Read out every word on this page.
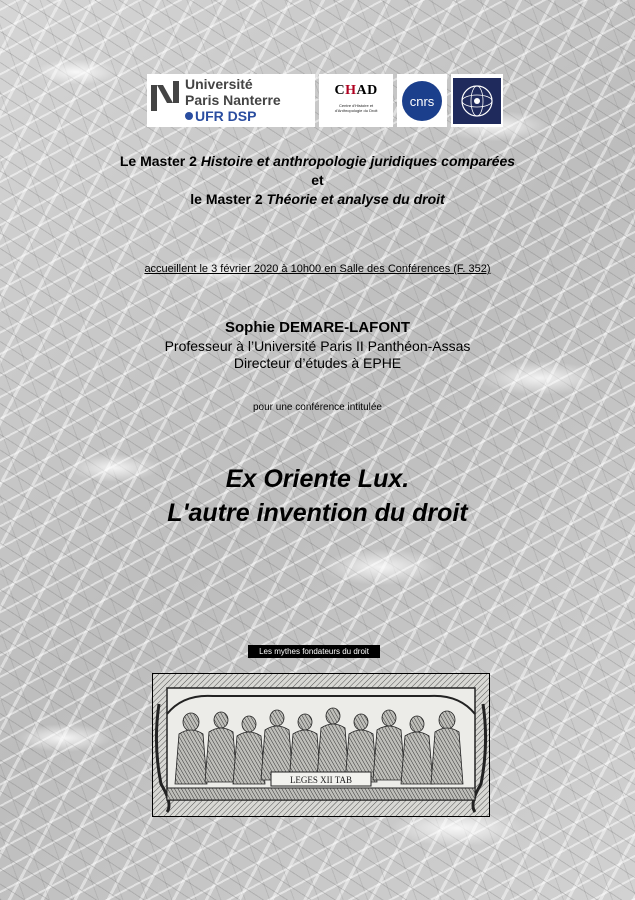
Université
Paris Nanterre
UFR DSP
CHAD
Centre d'Histoire et
d'Anthropologie du Droit
cnrs
Le Master 2 Histoire et anthropologie juridiques comparées
et
le Master 2 Théorie et analyse du droit
accueillent le 3 février 2020 à 10h00 en Salle des Conférences (F. 352)
Sophie DEMARE-LAFONT
Professeur à l’Université Paris II Panthéon-Assas
Directeur d’études à EPHE
pour une conférence intitulée
Ex Oriente Lux.
L'autre invention du droit
Les mythes fondateurs du droit
LEGES XII TAB
